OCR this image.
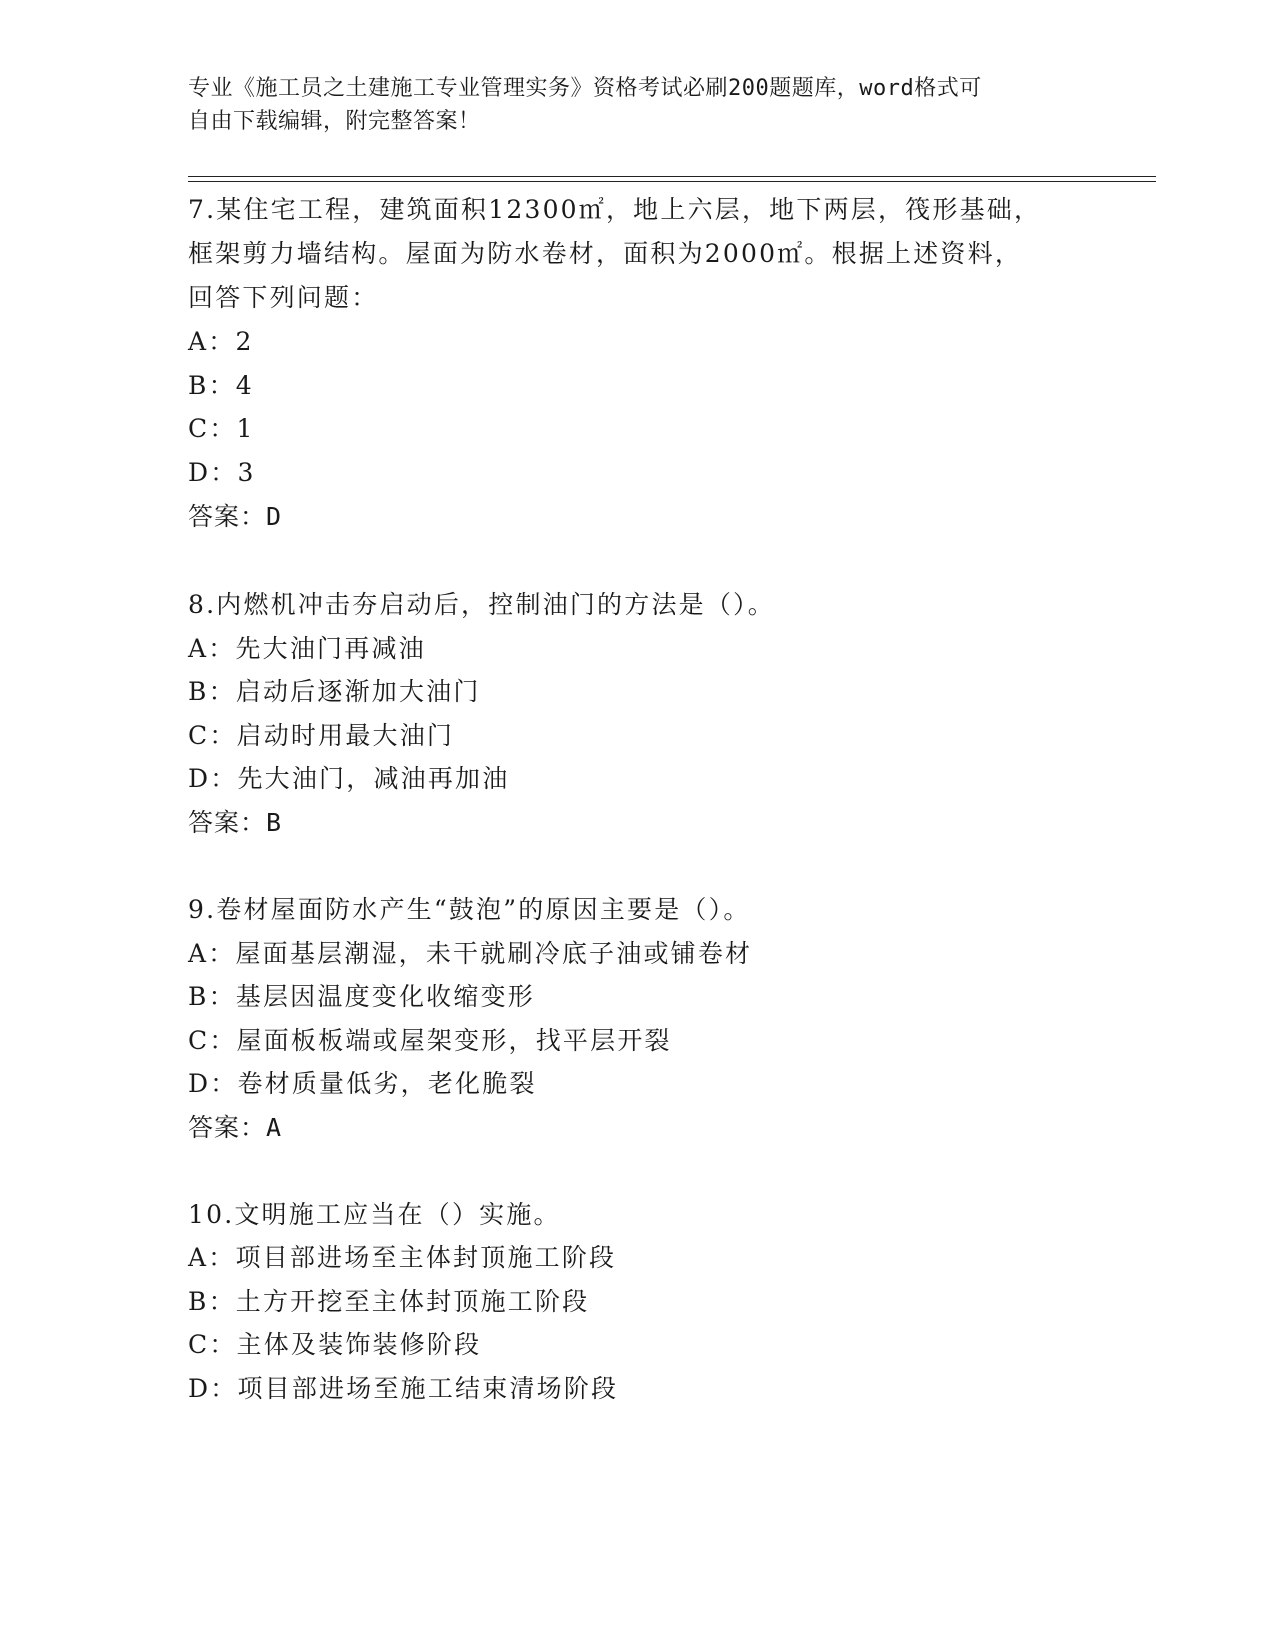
专业《施工员之土建施工专业管理实务》资格考试必刷200题题库，word格式可
自由下载编辑，附完整答案！
7.某住宅工程，建筑面积12300㎡，地上六层，地下两层，筏形基础，
框架剪力墙结构。屋面为防水卷材，面积为2000㎡。根据上述资料，
回答下列问题：
A：2
B：4
C：1
D：3
答案：D
8.内燃机冲击夯启动后，控制油门的方法是（）。
A：先大油门再减油
B：启动后逐渐加大油门
C：启动时用最大油门
D：先大油门，减油再加油
答案：B
9.卷材屋面防水产生“鼓泡”的原因主要是（）。
A：屋面基层潮湿，未干就刷冷底子油或铺卷材
B：基层因温度变化收缩变形
C：屋面板板端或屋架变形，找平层开裂
D：卷材质量低劣，老化脆裂
答案：A
10.文明施工应当在（）实施。
A：项目部进场至主体封顶施工阶段
B：土方开挖至主体封顶施工阶段
C：主体及装饰装修阶段
D：项目部进场至施工结束清场阶段
